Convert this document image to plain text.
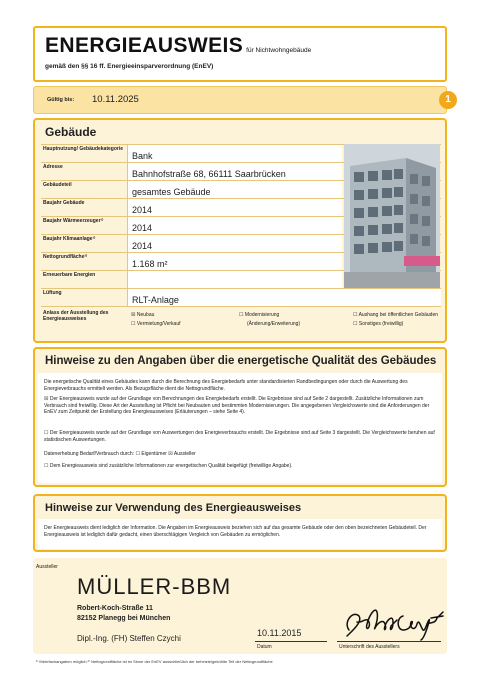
ENERGIEAUSWEIS für Nichtwohngebäude
gemäß den §§ 16 ff. Energieeinsparverordnung (EnEV)
Gültig bis: 10.11.2025	1
Gebäude
Hauptnutzung/ Gebäudekategorie
Bank
Adresse
Bahnhofstraße 68, 66111 Saarbrücken
Gebäudeteil
gesamtes Gebäude
Baujahr Gebäude
2014
Baujahr Wärmeerzeuger¹⁾
2014
Baujahr Klimaanlage¹⁾
2014
Nettogrundfläche²⁾
1.168 m²
Erneuerbare Energien
Lüftung
RLT-Anlage
Anlass der Ausstellung des Energieausweises
☒ Neubau
☐ Vermietung/Verkauf
☐ Modernisierung
(Änderung/Erweiterung)
☐ Aushang bei öffentlichen Gebäuden
☐ Sonstiges (freiwillig)
Hinweise zu den Angaben über die energetische Qualität des Gebäudes
Die energetische Qualität eines Gebäudes kann durch die Berechnung des Energiebedarfs unter standardisierten Randbedingungen oder durch die Auswertung des Energieverbrauchs ermittelt werden. Als Bezugsfläche dient die Nettogrundfläche.
☒ Der Energieausweis wurde auf der Grundlage von Berechnungen des Energiebedarfs erstellt. Die Ergebnisse sind auf Seite 2 dargestellt. Zusätzliche Informationen zum Verbrauch sind freiwillig. Diese Art der Ausstellung ist Pflicht bei Neubauten und bestimmten Modernisierungen. Die angegebenen Vergleichswerte sind die Anforderungen der EnEV zum Zeitpunkt der Erstellung des Energieausweises (Erläuterungen – siehe Seite 4).
☐ Der Energieausweis wurde auf der Grundlage von Auswertungen des Energieverbrauchs erstellt. Die Ergebnisse sind auf Seite 3 dargestellt. Die Vergleichswerte beruhen auf statistischen Auswertungen.
Datenerhebung Bedarf/Verbrauch durch: ☐ Eigentümer ☒ Aussteller
☐ Dem Energieausweis sind zusätzliche Informationen zur energetischen Qualität beigefügt (freiwillige Angabe).
Hinweise zur Verwendung des Energieausweises
Der Energieausweis dient lediglich der Information. Die Angaben im Energieausweis beziehen sich auf das gesamte Gebäude oder den oben bezeichneten Gebäudeteil. Der Energieausweis ist lediglich dafür gedacht, einen überschlägigen Vergleich von Gebäuden zu ermöglichen.
Aussteller
MÜLLER-BBM
Robert-Koch-Straße 11
82152 Planegg bei München
Dipl.-Ing. (FH) Steffen Czychi
10.11.2015
Datum	Unterschrift des Ausstellers
¹⁾ Mehrfachangaben möglich ²⁾ Nettogrundfläche ist im Sinne der EnEV ausschließlich der beheizte/gekühlte Teil der Nettogrundfläche
